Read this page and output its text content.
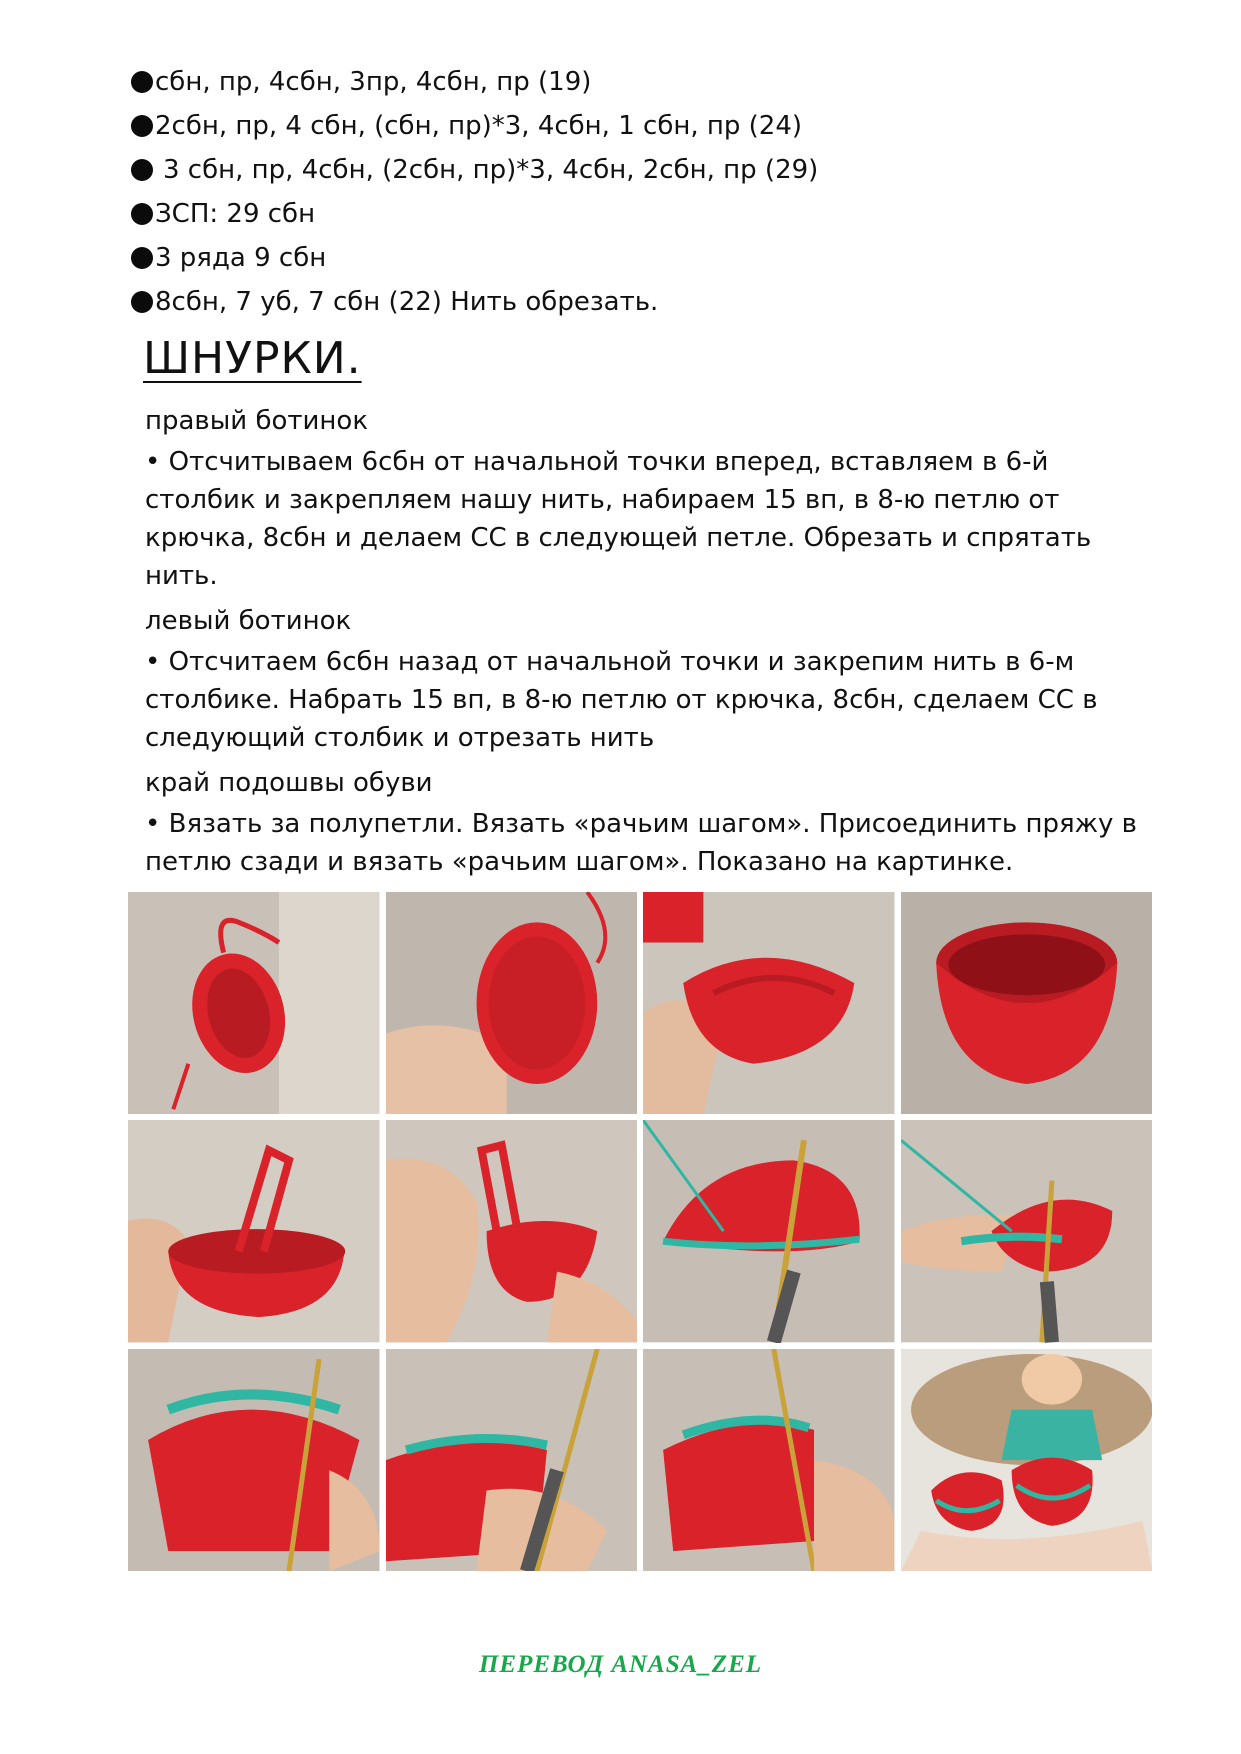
сбн, пр, 4сбн, 3пр, 4сбн, пр (19)
2сбн, пр, 4 сбн, (сбн, пр)*3, 4сбн, 1 сбн, пр (24)
3 сбн, пр, 4сбн, (2сбн, пр)*3, 4сбн, 2сбн, пр (29)
ЗСП: 29 сбн
3 ряда 9 сбн
8сбн, 7 уб, 7 сбн (22) Нить обрезать.
ШНУРКИ.
правый ботинок
• Отсчитываем 6сбн от начальной точки вперед, вставляем в 6-й столбик и закрепляем нашу нить, набираем 15 вп, в 8-ю петлю от крючка, 8сбн и делаем СС в следующей петле. Обрезать и спрятать нить.
левый ботинок
• Отсчитаем 6сбн назад от начальной точки и закрепим нить в 6-м столбике. Набрать 15 вп, в 8-ю петлю от крючка, 8сбн, сделаем СС в следующий столбик и отрезать нить
край подошвы обуви
• Вязать за полупетли. Вязать «рачьим шагом». Присоединить пряжу в петлю сзади и вязать «рачьим шагом». Показано на картинке.
ПЕРЕВОД ANASA_ZEL
